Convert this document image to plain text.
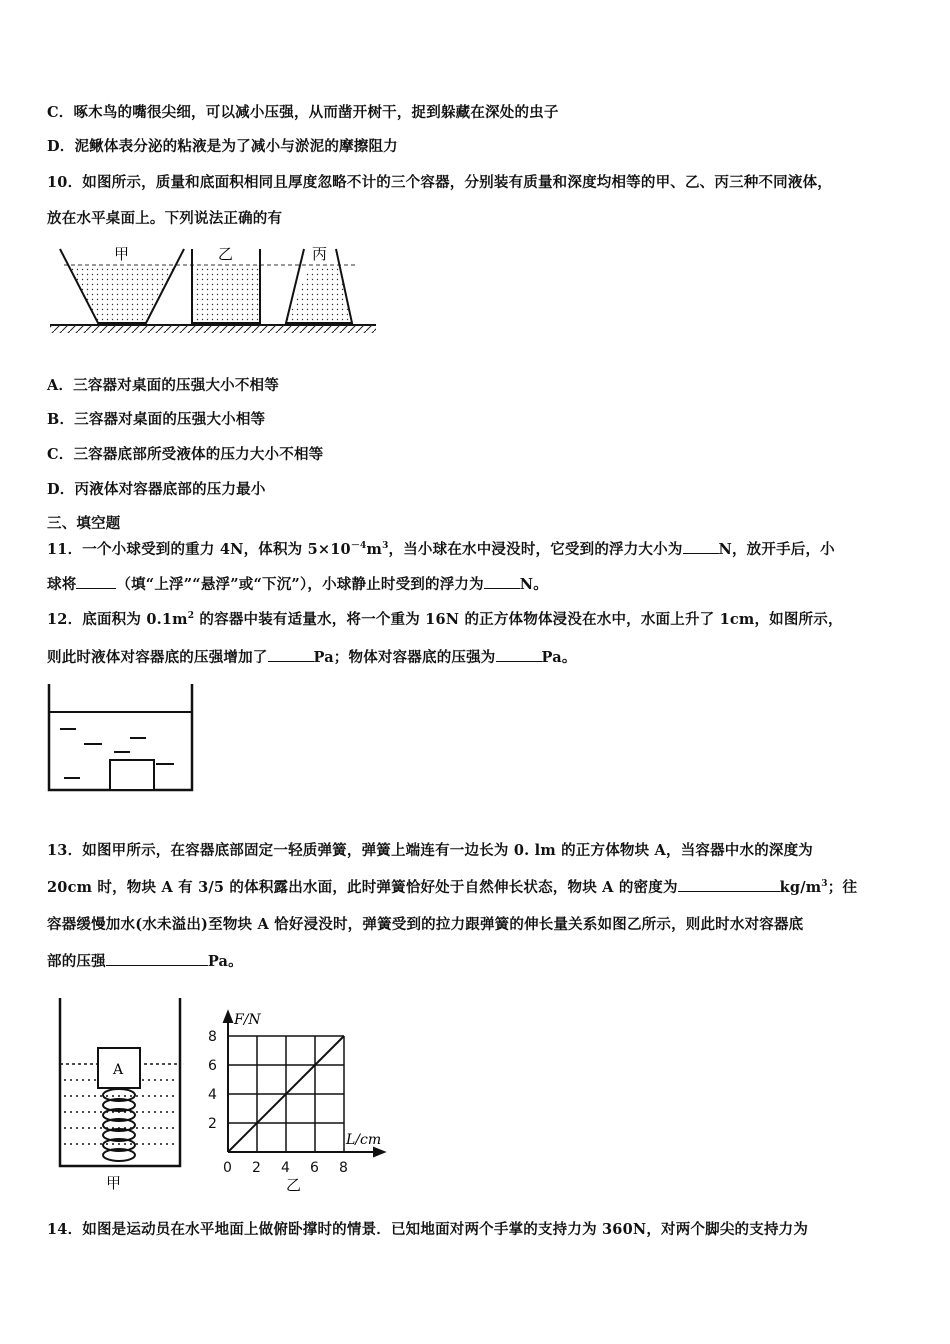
C．啄木鸟的嘴很尖细，可以减小压强，从而凿开树干，捉到躲藏在深处的虫子
D．泥鳅体表分泌的粘液是为了减小与淤泥的摩擦阻力
10．如图所示，质量和底面积相同且厚度忽略不计的三个容器，分别装有质量和深度均相等的甲、乙、丙三种不同液体，
放在水平桌面上。下列说法正确的有
甲	乙	丙
A．三容器对桌面的压强大小不相等
B．三容器对桌面的压强大小相等
C．三容器底部所受液体的压力大小不相等
D．丙液体对容器底部的压力最小
三、填空题
11．一个小球受到的重力 4N，体积为 $5\times 10^{-4}m^3$，当小球在水中浸没时，它受到的浮力大小为 N，放开手后，小
球将	（填“上浮”“悬浮”或“下沉”），小球静止时受到的浮力为 N。
12．底面积为 $0.1m^2$ 的容器中装有适量水，将一个重为 16N 的正方体物体浸没在水中，水面上升了 1cm，如图所示，
则此时液体对容器底的压强增加了	Pa；物体对容器底的压强为	Pa。
13．如图甲所示，在容器底部固定一轻质弹簧，弹簧上端连有一边长为 0. lm 的正方体物块 A，当容器中水的深度为
20cm 时，物块 A 有 3/5 的体积露出水面，此时弹簧恰好处于自然伸长状态，物块 A 的密度为	$kg/m^3$；往
容器缓慢加水(水未溢出)至物块 A 恰好浸没时，弹簧受到的拉力跟弹簧的伸长量关系如图乙所示，则此时水对容器底
部的压强	Pa。
A
甲
8
6
4
2
0 2 4 6 8
F/N
L/cm
乙
14．如图是运动员在水平地面上做俯卧撑时的情景．已知地面对两个手掌的支持力为 360N，对两个脚尖的支持力为
